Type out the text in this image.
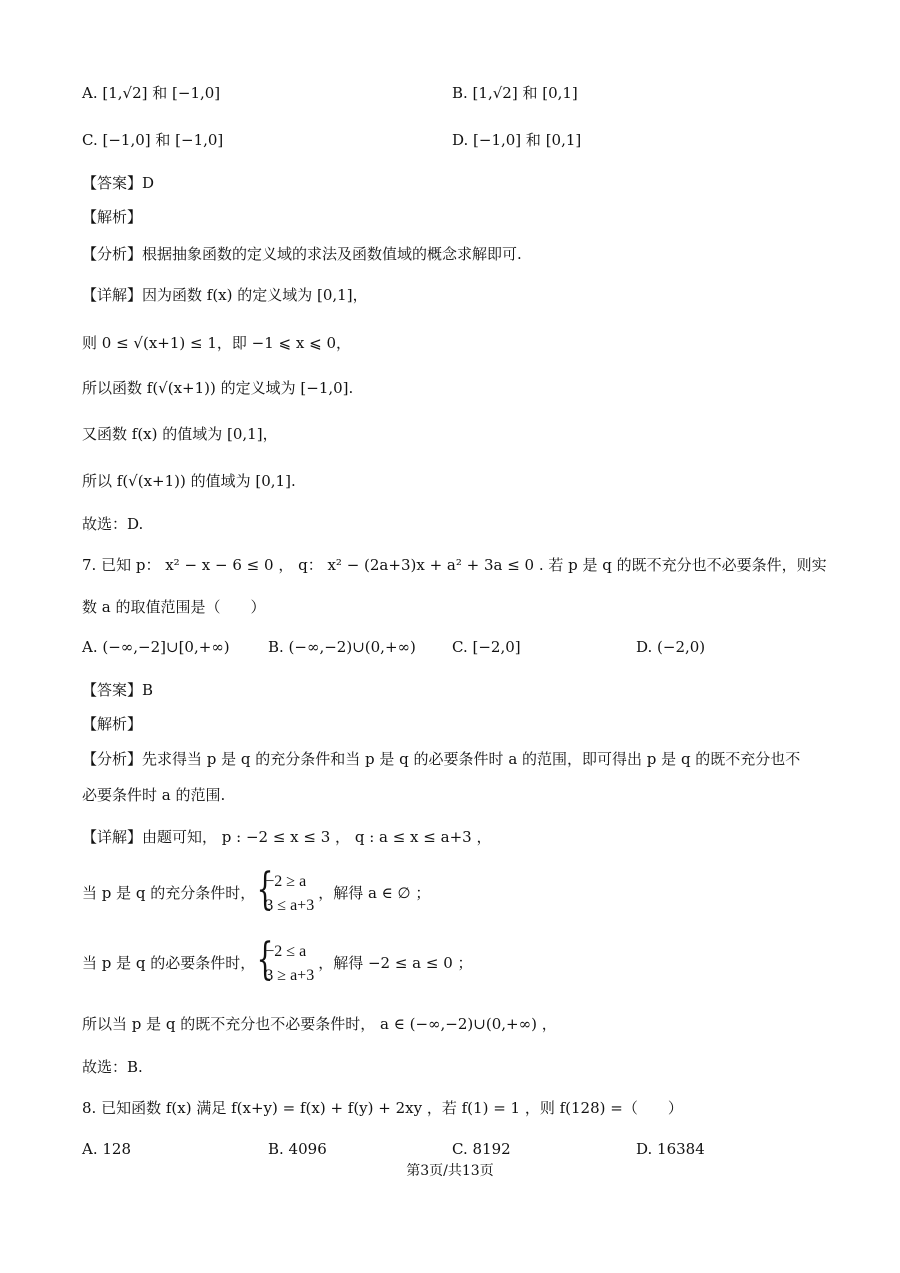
A. [1,√2] 和 [−1,0]	B. [1,√2] 和 [0,1]
C. [−1,0] 和 [−1,0]	D. [−1,0] 和 [0,1]
【答案】D
【解析】
【分析】根据抽象函数的定义域的求法及函数值域的概念求解即可.
【详解】因为函数 f(x) 的定义域为 [0,1]，
则 0 ≤ √(x+1) ≤ 1，即 −1 ⩽ x ⩽ 0，
所以函数 f(√(x+1)) 的定义域为 [−1,0].
又函数 f(x) 的值域为 [0,1]，
所以 f(√(x+1)) 的值域为 [0,1].
故选：D.
7. 已知 p： x² − x − 6 ≤ 0 ， q： x² − (2a+3)x + a² + 3a ≤ 0 . 若 p 是 q 的既不充分也不必要条件，则实
数 a 的取值范围是（　　）
A. (−∞,−2]∪[0,+∞)	B. (−∞,−2)∪(0,+∞) C. [−2,0]	D. (−2,0)
【答案】B
【解析】
【分析】先求得当 p 是 q 的充分条件和当 p 是 q 的必要条件时 a 的范围，即可得出 p 是 q 的既不充分也不
必要条件时 a 的范围.
【详解】由题可知， p : −2 ≤ x ≤ 3 ， q : a ≤ x ≤ a+3 ，
当 p 是 q 的充分条件时，
{ −2 ≥ a
3 ≤ a+3
，解得 a ∈ ∅ ；
当 p 是 q 的必要条件时，
{ −2 ≤ a
3 ≥ a+3
，解得 −2 ≤ a ≤ 0 ；
所以当 p 是 q 的既不充分也不必要条件时， a ∈ (−∞,−2)∪(0,+∞) ，
故选：B.
8. 已知函数 f(x) 满足 f(x+y) = f(x) + f(y) + 2xy ，若 f(1) = 1 ，则 f(128) =（　　）
A. 128	B. 4096	C. 8192	D. 16384
第3页/共13页
